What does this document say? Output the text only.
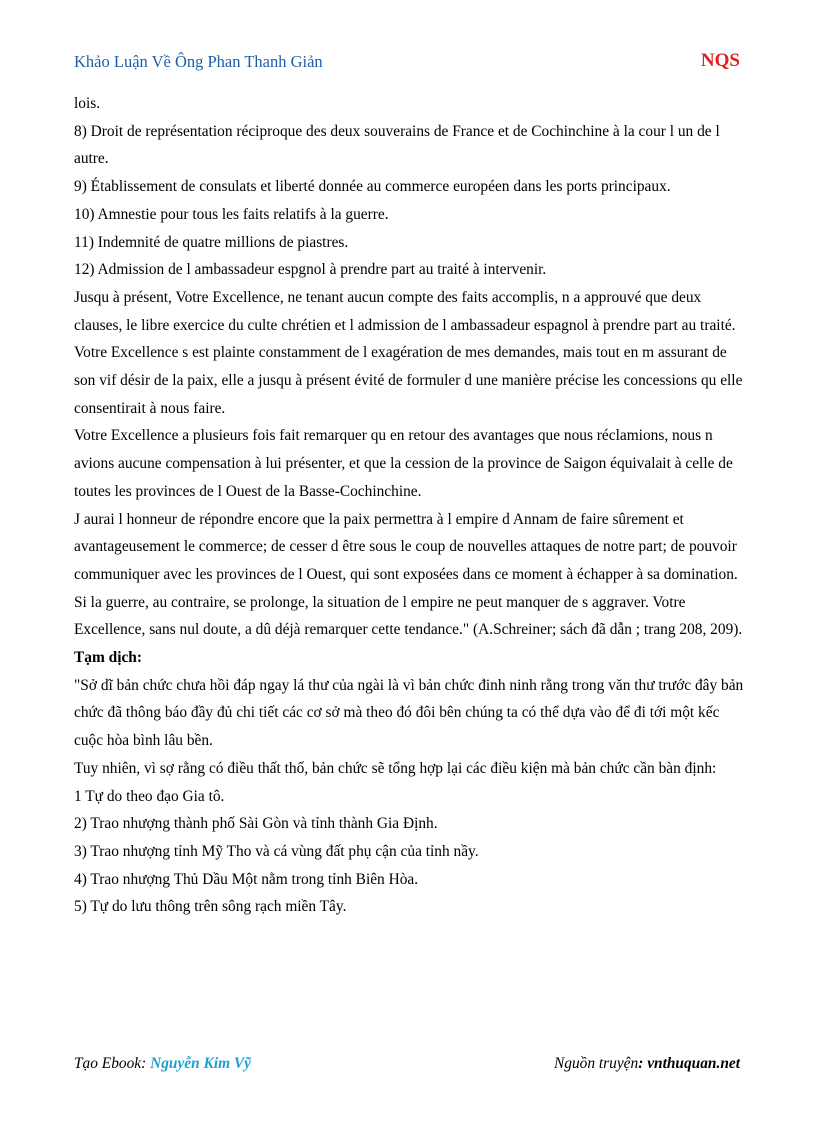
Khảo Luận Về Ông Phan Thanh Giản	NQS

lois.

8) Droit de représentation réciproque des deux souverains de France et de Cochinchine à la cour l un de l autre.

9) Établissement de consulats et liberté donnée au commerce européen dans les ports principaux.

10) Amnestie pour tous les faits relatifs à la guerre.

11) Indemnité de quatre millions de piastres.

12) Admission de l ambassadeur espgnol à prendre part au traité à intervenir.

Jusqu à présent, Votre Excellence, ne tenant aucun compte des faits accomplis, n a approuvé que deux clauses, le libre exercice du culte chrétien et l admission de l ambassadeur espagnol à prendre part au traité.

Votre Excellence s est plainte constamment de l exagération de mes demandes, mais tout en m assurant de son vif désir de la paix, elle a jusqu à présent évité de formuler d une manière précise les concessions qu elle consentirait à nous faire.

Votre Excellence a plusieurs fois fait remarquer qu en retour des avantages que nous réclamions, nous n avions aucune compensation à lui présenter, et que la cession de la province de Saigon équivalait à celle de toutes les provinces de l Ouest de la Basse-Cochinchine.

J aurai l honneur de répondre encore que la paix permettra à l empire d Annam de faire sûrement et avantageusement le commerce; de cesser d être sous le coup de nouvelles attaques de notre part; de pouvoir communiquer avec les provinces de l Ouest, qui sont exposées dans ce moment à échapper à sa domination.

Si la guerre, au contraire, se prolonge, la situation de l empire ne peut manquer de s aggraver. Votre Excellence, sans nul doute, a dû déjà remarquer cette tendance." (A.Schreiner; sách đã dẫn ; trang 208, 209).

Tạm dịch:

"Sở dĩ bản chức chưa hồi đáp ngay lá thư của ngài là vì bản chức đinh ninh rằng trong văn thư trước đây bản chức đã thông báo đầy đủ chi tiết các cơ sở mà theo đó đôi bên chúng ta có thể dựa vào để đi tới một kếc cuộc hòa bình lâu bền.

Tuy nhiên, vì sợ rằng có điều thất thố, bản chức sẽ tổng hợp lại các điều kiện mà bản chức cần bàn định:

1 Tự do theo đạo Gia tô.

2) Trao nhượng thành phố Sài Gòn và tỉnh thành Gia Định.

3) Trao nhượng tỉnh Mỹ Tho và cá vùng đất phụ cận của tỉnh nầy.

4) Trao nhượng Thủ Dầu Một nằm trong tỉnh Biên Hòa.

5) Tự do lưu thông trên sông rạch miền Tây.

Tạo Ebook: Nguyễn Kim Vỹ	Nguồn truyện: vnthuquan.net
